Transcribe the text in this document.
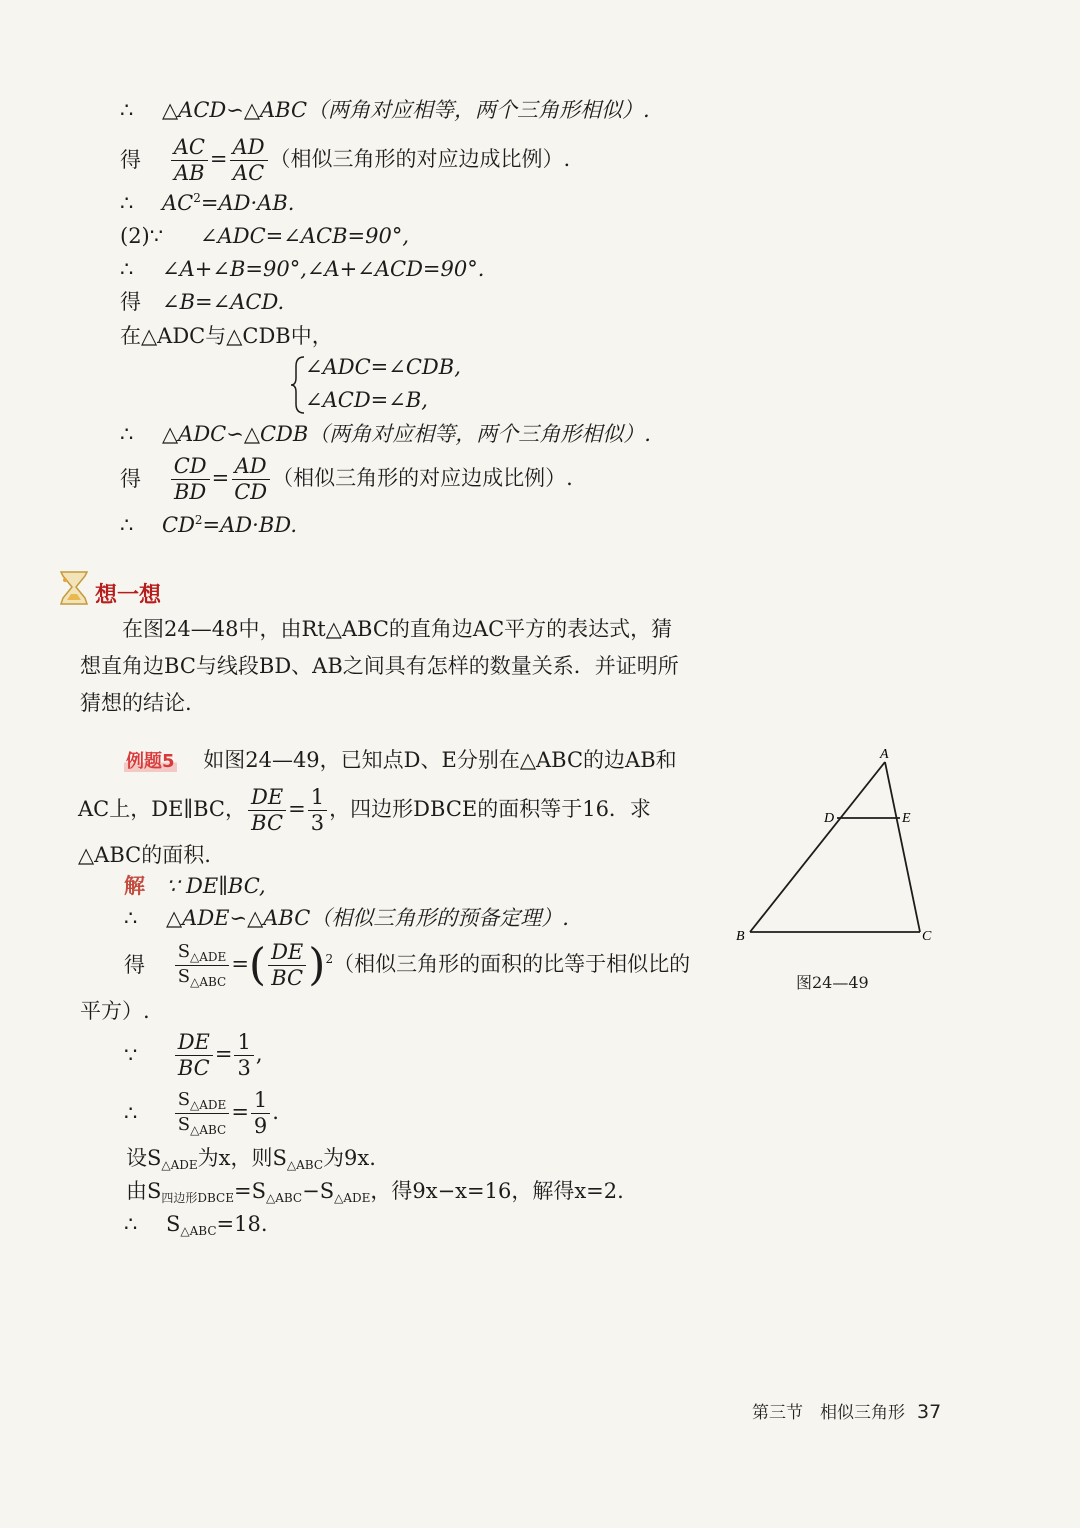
∴ △ACD∽△ABC（两角对应相等，两个三角形相似）.
得 $\frac{AC}{AB} = \frac{AD}{AC}$ （相似三角形的对应边成比例）.
∴ $AC^2=AD\cdot AB$.
(2)∵ ∠ADC=∠ACB=90°,
∴ ∠A+∠B=90°,∠A+∠ACD=90°.
得 ∠B=∠ACD.
在△ADC与△CDB中，
∠ADC=∠CDB,
∠ACD=∠B,
∴ △ADC∽△CDB（两角对应相等，两个三角形相似）.
得 $\frac{CD}{BD} = \frac{AD}{CD}$ （相似三角形的对应边成比例）.
∴ $CD^2=AD\cdot BD$.
想一想
在图24—48中，由Rt△ABC的直角边AC平方的表达式，猜
想直角边BC与线段BD、AB之间具有怎样的数量关系．并证明所
猜想的结论.
例题5 如图24—49，已知点D、E分别在△ABC的边AB和
AC上，DE∥BC， $\frac{DE}{BC} = \frac{1}{3}$ ，四边形DBCE的面积等于16．求
△ABC的面积.
解 ∵ DE∥BC,
∴ △ADE∽△ABC（相似三角形的预备定理）.
得 $\frac{S_{\triangle ADE}}{S_{\triangle ABC}}$ =( $\frac{DE}{BC} )^2$（相似三角形的面积的比等于相似比的
平方）.
∵ $\frac{DE}{BC} = \frac{1}{3}$ ,
∴ $\frac{S_{\triangle ADE}}{S_{\triangle ABC}} = \frac{1}{9}$ .
设$S_{\triangle ADE}$为x，则$S_{\triangle ABC}$为9x.
由$S_{四边形DBCE}=S_{\triangle ABC}-S_{\triangle ADE}$，得9x−x=16，解得x=2.
∴ $S_{\triangle ABC}=18$.
A
B	C
D	E
图24—49
第三节　相似三角形 37
